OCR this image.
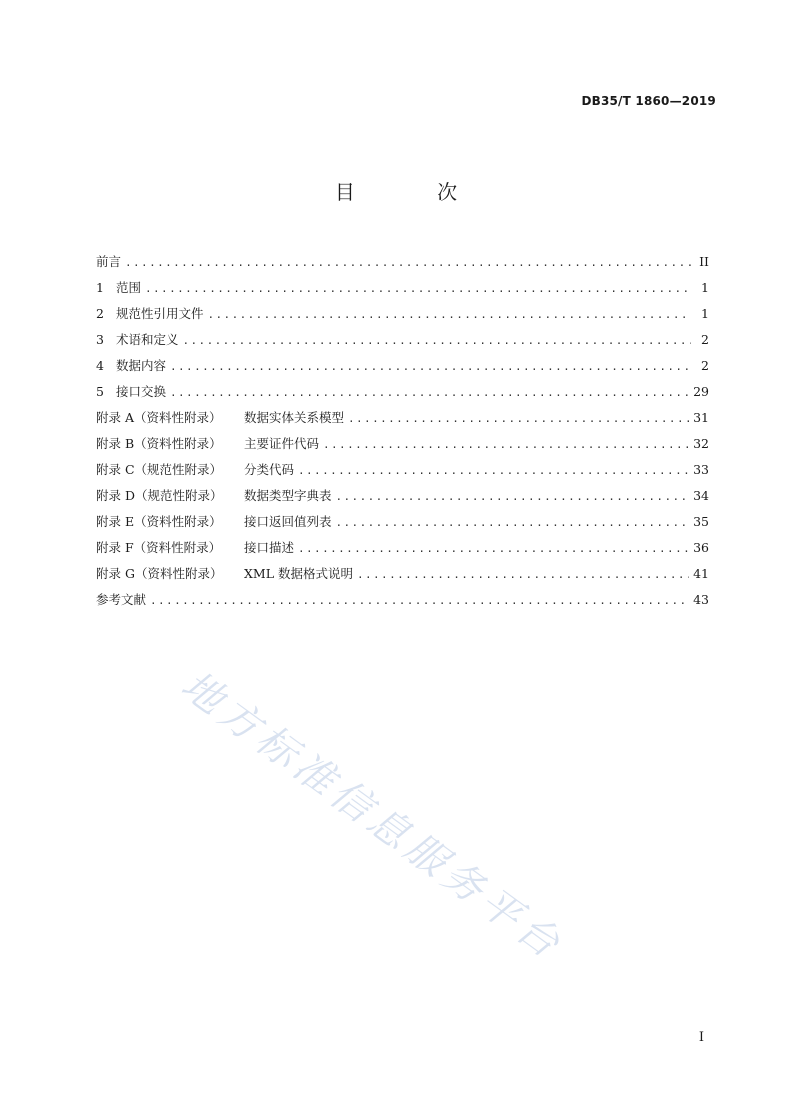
DB35/T 1860—2019
目 次
前言 .....	II
1 范围 .....	1
2 规范性引用文件 .....	1
3 术语和定义 .....	2
4 数据内容 .....	2
5 接口交换 .....	29
附录 A（资料性附录）	数据实体关系模型 .....	31
附录 B（资料性附录）	主要证件代码 .....	32
附录 C（规范性附录）	分类代码 .....	33
附录 D（规范性附录）	数据类型字典表 .....	34
附录 E（资料性附录）	接口返回值列表 .....	35
附录 F（资料性附录）	接口描述 .....	36
附录 G（资料性附录）	XML 数据格式说明 .....	41
参考文献 .....	43
地方标准信息服务平台
I
